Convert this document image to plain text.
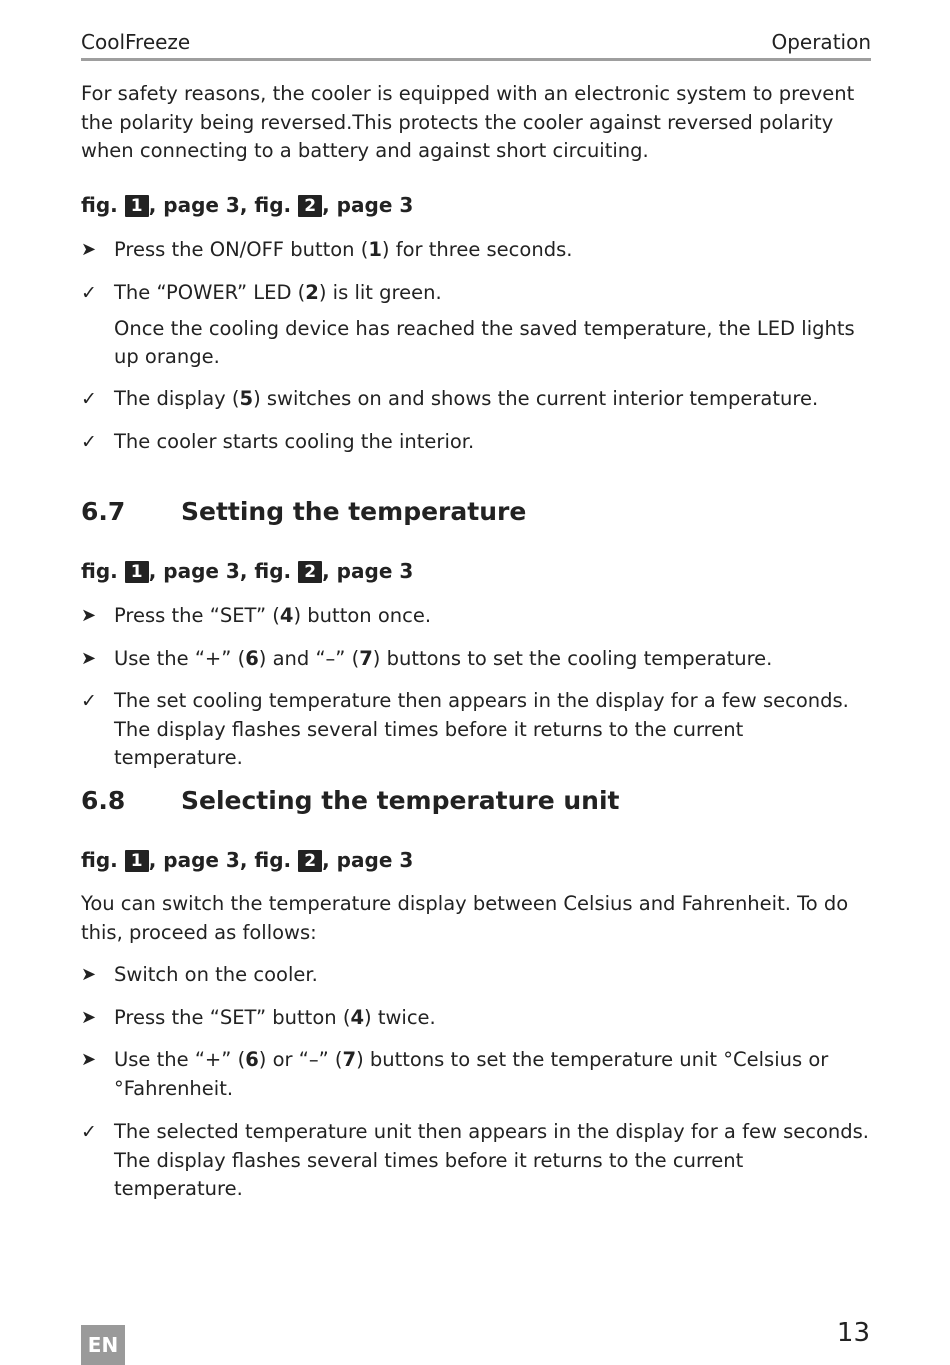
CoolFreeze	Operation

For safety reasons, the cooler is equipped with an electronic system to prevent the polarity being reversed.This protects the cooler against reversed polarity when connecting to a battery and against short circuiting.

fig. 1 , page 3, fig. 2 , page 3
➤ Press the ON/OFF button (1) for three seconds.
✓ The “POWER” LED (2) is lit green.
Once the cooling device has reached the saved temperature, the LED lights up orange.
✓ The display (5) switches on and shows the current interior temperature.
✓ The cooler starts cooling the interior.
6.7	Setting the temperature
fig. 1 , page 3, fig. 2 , page 3
➤ Press the “SET” (4) button once.
➤ Use the “+” (6) and “–” (7) buttons to set the cooling temperature.
✓ The set cooling temperature then appears in the display for a few seconds. The display flashes several times before it returns to the current temperature.
6.8	Selecting the temperature unit
fig. 1 , page 3, fig. 2 , page 3

You can switch the temperature display between Celsius and Fahrenheit. To do this, proceed as follows:

➤ Switch on the cooler.
➤ Press the “SET” button (4) twice.
➤ Use the “+” (6) or “–” (7) buttons to set the temperature unit °Celsius or °Fahrenheit.
✓ The selected temperature unit then appears in the display for a few seconds. The display flashes several times before it returns to the current temperature.
EN	13
